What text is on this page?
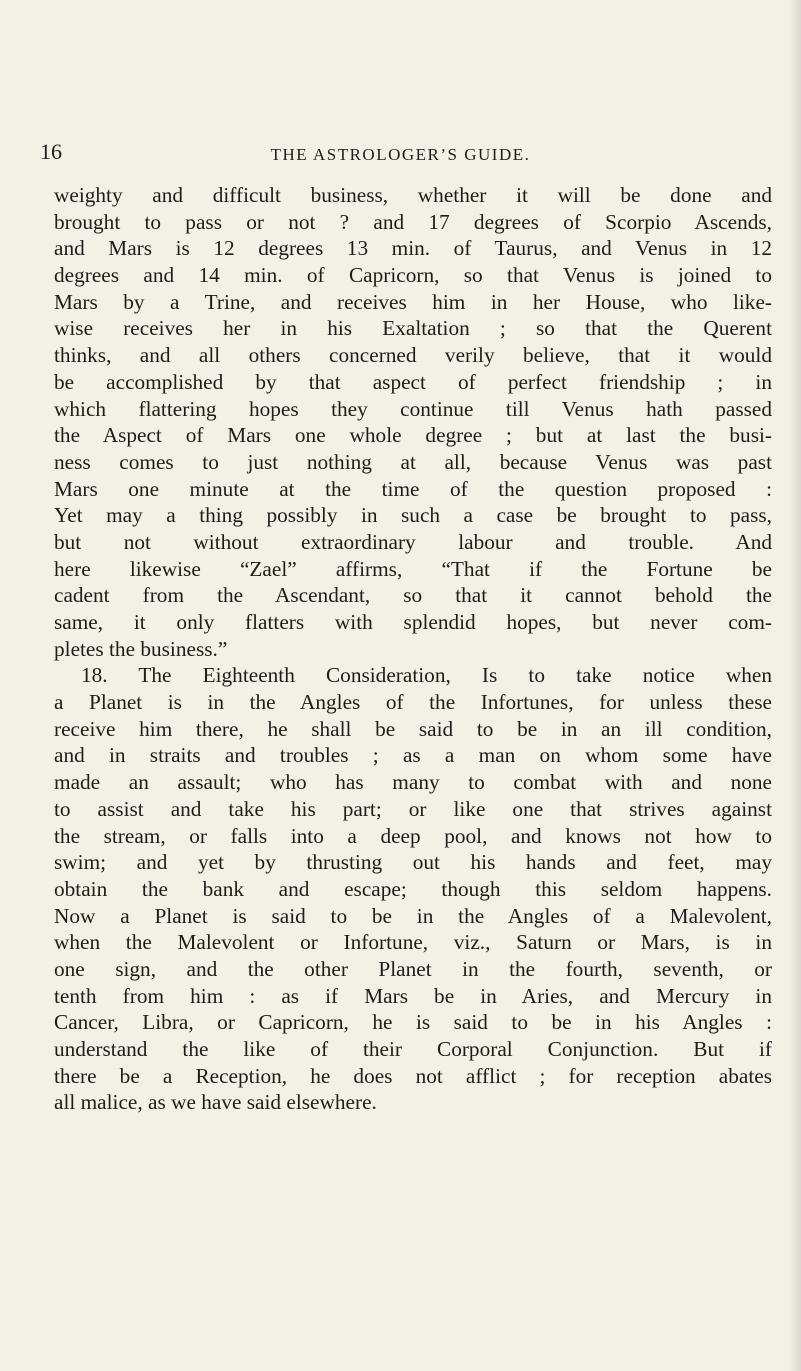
16	THE ASTROLOGER’S GUIDE.
weighty and difficult business, whether it will be done and
brought to pass or not ? and 17 degrees of Scorpio Ascends,
and Mars is 12 degrees 13 min. of Taurus, and Venus in 12
degrees and 14 min. of Capricorn, so that Venus is joined to
Mars by a Trine, and receives him in her House, who like-
wise receives her in his Exaltation ; so that the Querent
thinks, and all others concerned verily believe, that it would
be accomplished by that aspect of perfect friendship ; in
which flattering hopes they continue till Venus hath passed
the Aspect of Mars one whole degree ; but at last the busi-
ness comes to just nothing at all, because Venus was past
Mars one minute at the time of the question proposed :
Yet may a thing possibly in such a case be brought to pass,
but not without extraordinary labour and trouble. And
here likewise “Zael” affirms, “That if the Fortune be
cadent from the Ascendant, so that it cannot behold the
same, it only flatters with splendid hopes, but never com-
pletes the business.”
18. The Eighteenth Consideration, Is to take notice when
a Planet is in the Angles of the Infortunes, for unless these
receive him there, he shall be said to be in an ill condition,
and in straits and troubles ; as a man on whom some have
made an assault; who has many to combat with and none
to assist and take his part; or like one that strives against
the stream, or falls into a deep pool, and knows not how to
swim; and yet by thrusting out his hands and feet, may
obtain the bank and escape; though this seldom happens.
Now a Planet is said to be in the Angles of a Malevolent,
when the Malevolent or Infortune, viz., Saturn or Mars, is in
one sign, and the other Planet in the fourth, seventh, or
tenth from him : as if Mars be in Aries, and Mercury in
Cancer, Libra, or Capricorn, he is said to be in his Angles :
understand the like of their Corporal Conjunction. But if
there be a Reception, he does not afflict ; for reception abates
all malice, as we have said elsewhere.
